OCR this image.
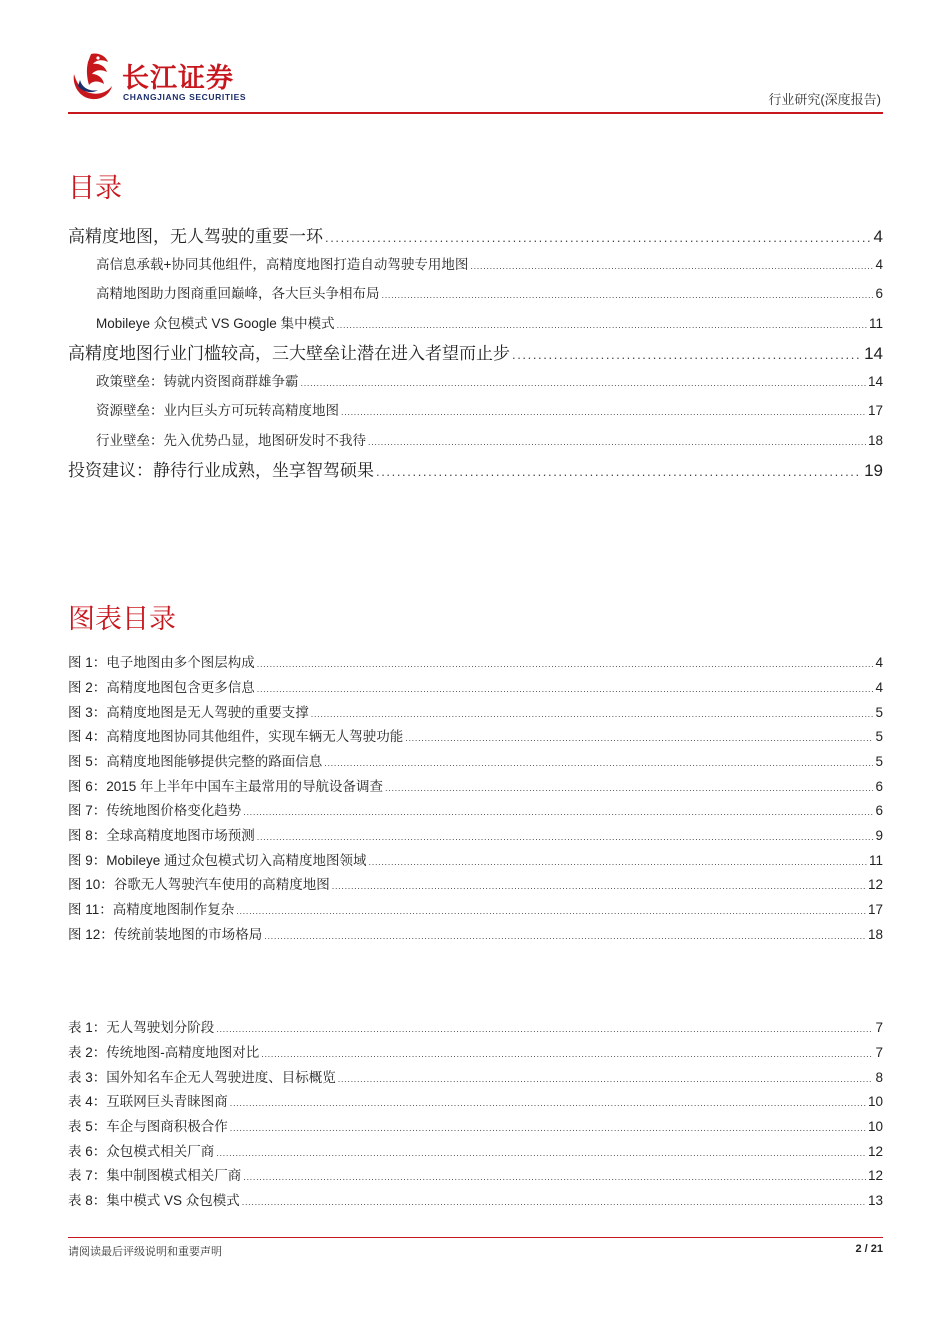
长江证券
CHANGJIANG SECURITIES	行业研究(深度报告)
目录
高精度地图，无人驾驶的重要一环 .....	4
高信息承载+协同其他组件，高精度地图打造自动驾驶专用地图 .....	4
高精地图助力图商重回巅峰，各大巨头争相布局 .....	6
Mobileye 众包模式 VS Google 集中模式 .....	11
高精度地图行业门槛较高，三大壁垒让潜在进入者望而止步 .....	14
政策壁垒：铸就内资图商群雄争霸 .....	14
资源壁垒：业内巨头方可玩转高精度地图 .....	17
行业壁垒：先入优势凸显，地图研发时不我待 .....	18
投资建议：静待行业成熟，坐享智驾硕果 .....	19
图表目录
图 1：电子地图由多个图层构成 .....	4
图 2：高精度地图包含更多信息 .....	4
图 3：高精度地图是无人驾驶的重要支撑 .....	5
图 4：高精度地图协同其他组件，实现车辆无人驾驶功能 .....	5
图 5：高精度地图能够提供完整的路面信息 .....	5
图 6：2015 年上半年中国车主最常用的导航设备调查 .....	6
图 7：传统地图价格变化趋势 .....	6
图 8：全球高精度地图市场预测 .....	9
图 9：Mobileye 通过众包模式切入高精度地图领域 .....	11
图 10：谷歌无人驾驶汽车使用的高精度地图 .....	12
图 11：高精度地图制作复杂 .....	17
图 12：传统前装地图的市场格局 .....	18
表 1：无人驾驶划分阶段 .....	7
表 2：传统地图-高精度地图对比 .....	7
表 3：国外知名车企无人驾驶进度、目标概览 .....	8
表 4：互联网巨头青睐图商 .....	10
表 5：车企与图商积极合作 .....	10
表 6：众包模式相关厂商 .....	12
表 7：集中制图模式相关厂商 .....	12
表 8：集中模式 VS 众包模式 .....	13
请阅读最后评级说明和重要声明	2 / 21
